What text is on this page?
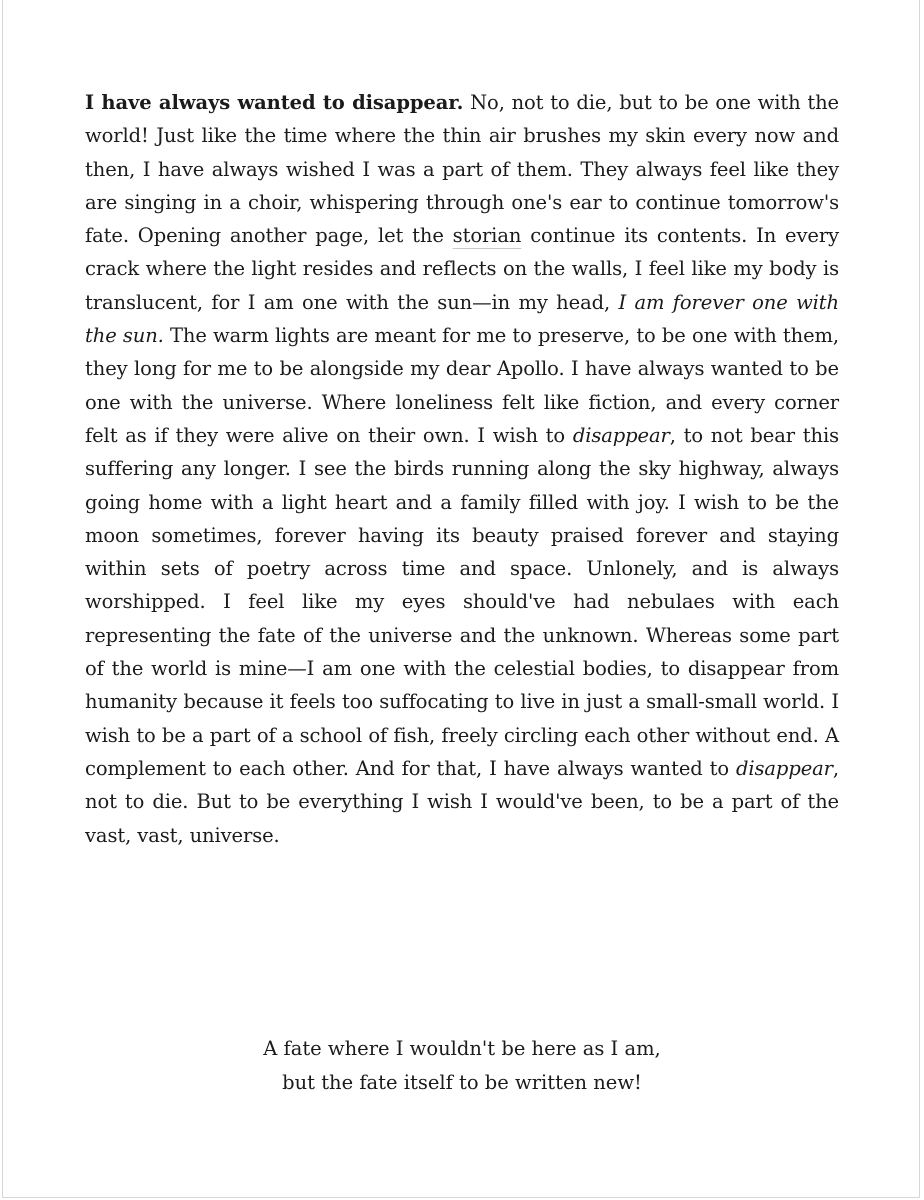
I have always wanted to disappear. No, not to die, but to be one with the world! Just like the time where the thin air brushes my skin every now and then, I have always wished I was a part of them. They always feel like they are singing in a choir, whispering through one's ear to continue tomorrow's fate. Opening another page, let the storian continue its contents. In every crack where the light resides and reflects on the walls, I feel like my body is translucent, for I am one with the sun—in my head, I am forever one with the sun. The warm lights are meant for me to preserve, to be one with them, they long for me to be alongside my dear Apollo. I have always wanted to be one with the universe. Where loneliness felt like fiction, and every corner felt as if they were alive on their own. I wish to disappear, to not bear this suffering any longer. I see the birds running along the sky highway, always going home with a light heart and a family filled with joy. I wish to be the moon sometimes, forever having its beauty praised forever and staying within sets of poetry across time and space. Unlonely, and is always worshipped. I feel like my eyes should've had nebulaes with each representing the fate of the universe and the unknown. Whereas some part of the world is mine—I am one with the celestial bodies, to disappear from humanity because it feels too suffocating to live in just a small-small world. I wish to be a part of a school of fish, freely circling each other without end. A complement to each other. And for that, I have always wanted to disappear, not to die. But to be everything I wish I would've been, to be a part of the vast, vast, universe.

A fate where I wouldn't be here as I am,
but the fate itself to be written new!
